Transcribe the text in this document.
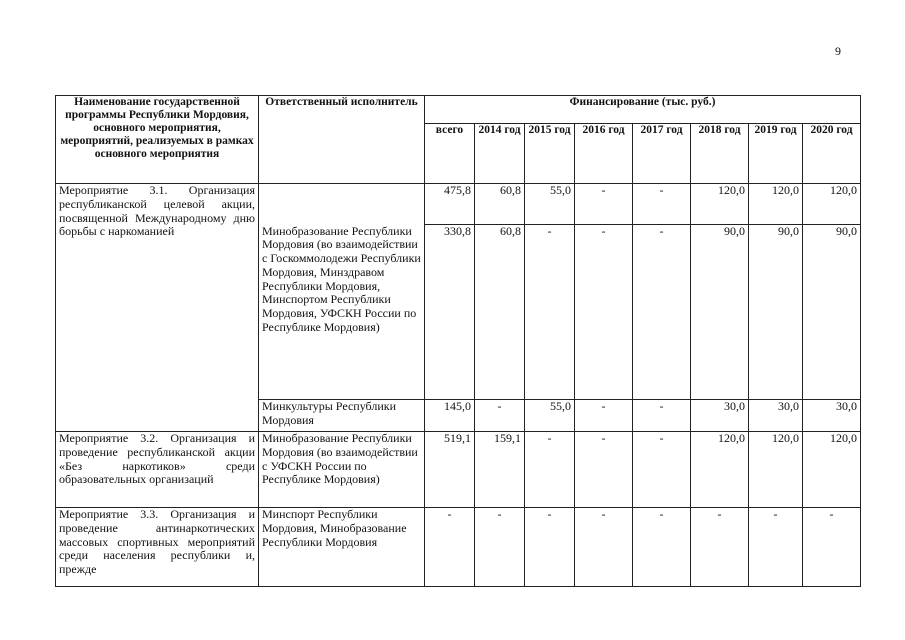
9
Наименование государственной программы Республики Мордовия, основного мероприятия, мероприятий, реализуемых в рамках основного мероприятия	Ответственный исполнитель	Финансирование (тыс. руб.)							
		всего	2014 год	2015 год	2016 год	2017 год	2018 год	2019 год	2020 год
Мероприятие 3.1. Организация республиканской целевой акции, посвященной Международному дню борьбы с наркоманией		475,8	60,8	55,0	-	-	120,0	120,0	120,0
	Минобразование Республики Мордовия (во взаимодействии с Госкоммолодежи Республики Мордовия, Минздравом Республики Мордовия, Минспортом Республики Мордовия, УФСКН России по Республике Мордовия)	330,8	60,8	-	-	-	90,0	90,0	90,0
	Минкультуры Республики Мордовия	145,0	-	55,0	-	-	30,0	30,0	30,0
Мероприятие 3.2. Организация и проведение республиканской акции «Без наркотиков» среди образовательных организаций	Минобразование Республики Мордовия (во взаимодействии с УФСКН России по Республике Мордовия)	519,1	159,1	-	-	-	120,0	120,0	120,0
Мероприятие 3.3. Организация и проведение антинаркотических массовых спортивных мероприятий среди населения республики и, прежде	Минспорт Республики Мордовия, Минобразование Республики Мордовия	-	-	-	-	-	-	-	-
